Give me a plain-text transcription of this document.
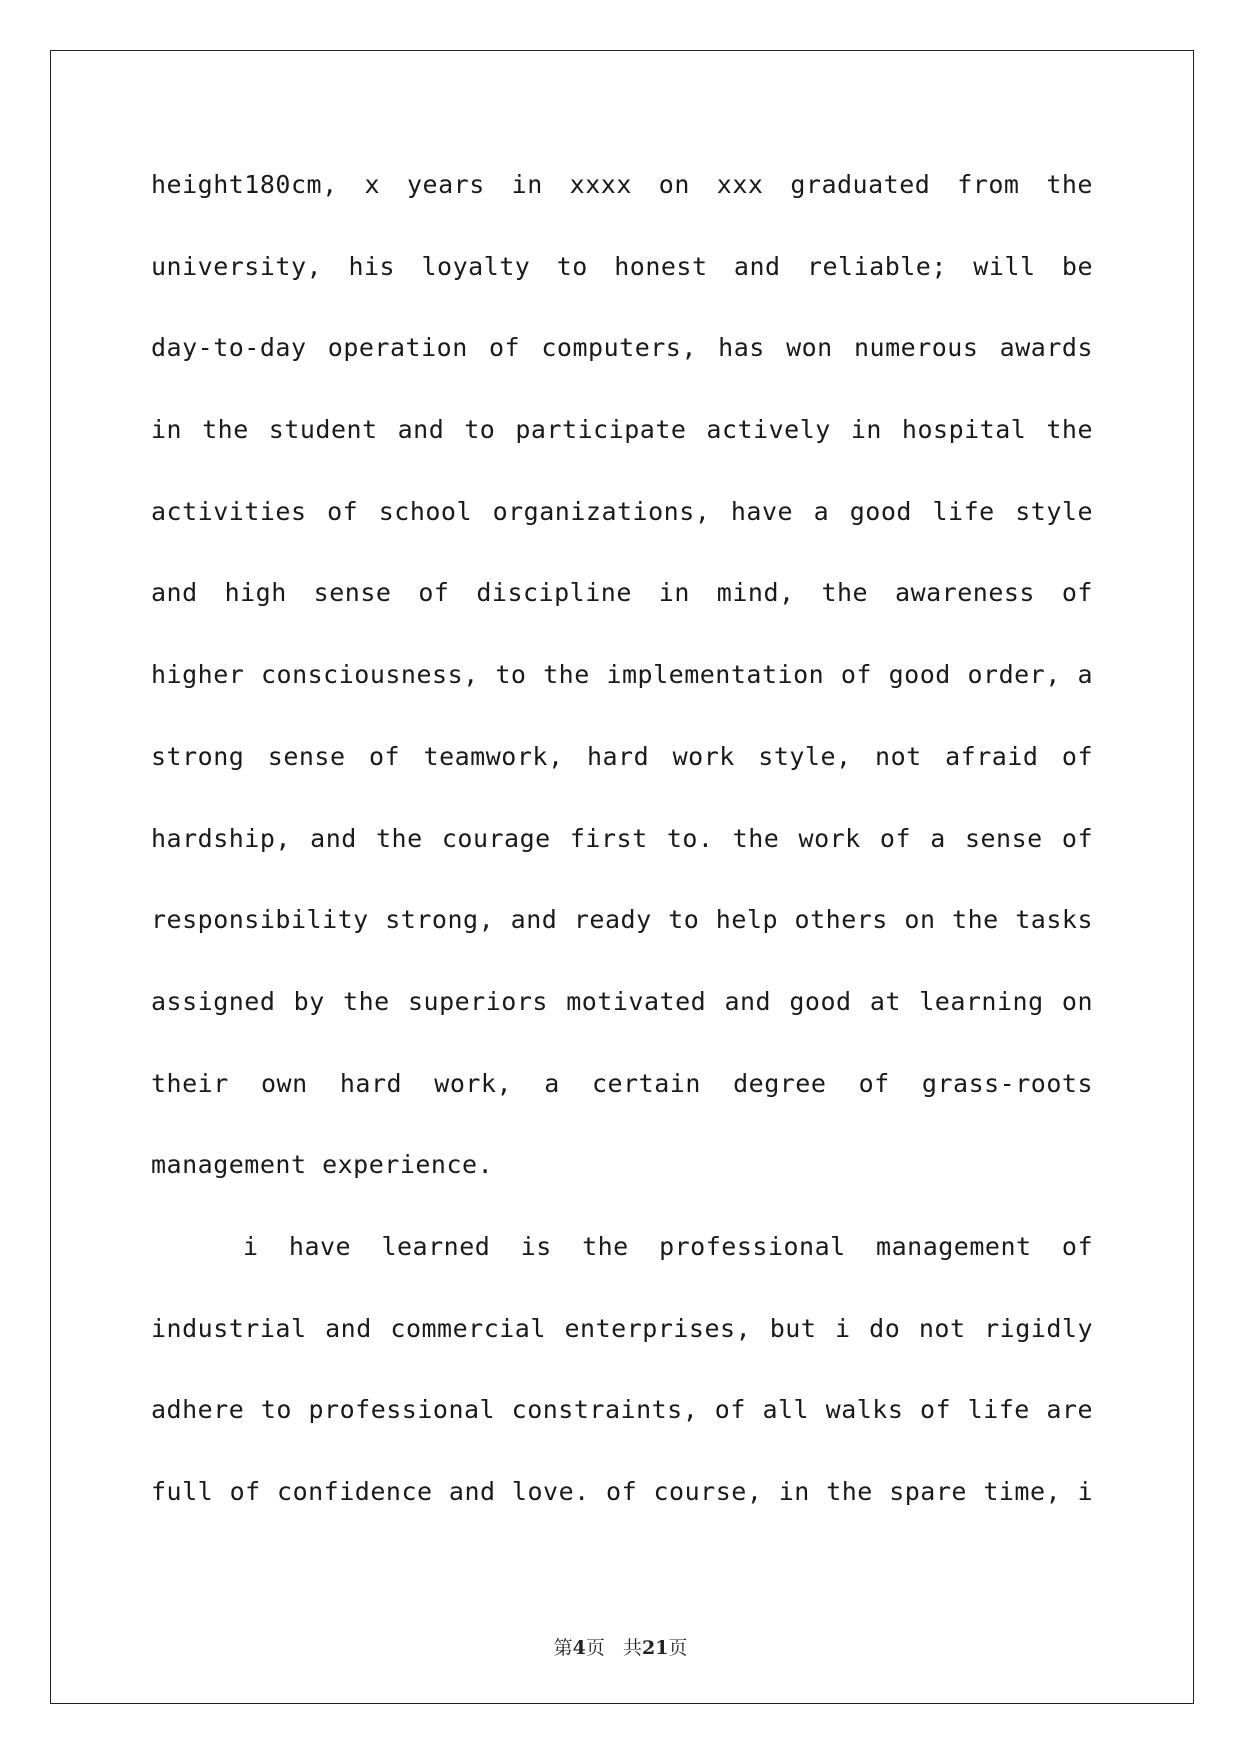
height180cm, x years in xxxx on xxx graduated from the
university, his loyalty to honest and reliable; will be
day-to-day operation of computers, has won numerous awards
in the student and to participate actively in hospital the
activities of school organizations, have a good life style
and high sense of discipline in mind, the awareness of
higher consciousness, to the implementation of good order, a
strong sense of teamwork, hard work style, not afraid of
hardship, and the courage first to. the work of a sense of
responsibility strong, and ready to help others on the tasks
assigned by the superiors motivated and good at learning on
their own hard work, a certain degree of grass-roots
management experience.
i have learned is the professional management of
industrial and commercial enterprises, but i do not rigidly
adhere to professional constraints, of all walks of life are
full of confidence and love. of course, in the spare time, i
第4页 共21页
